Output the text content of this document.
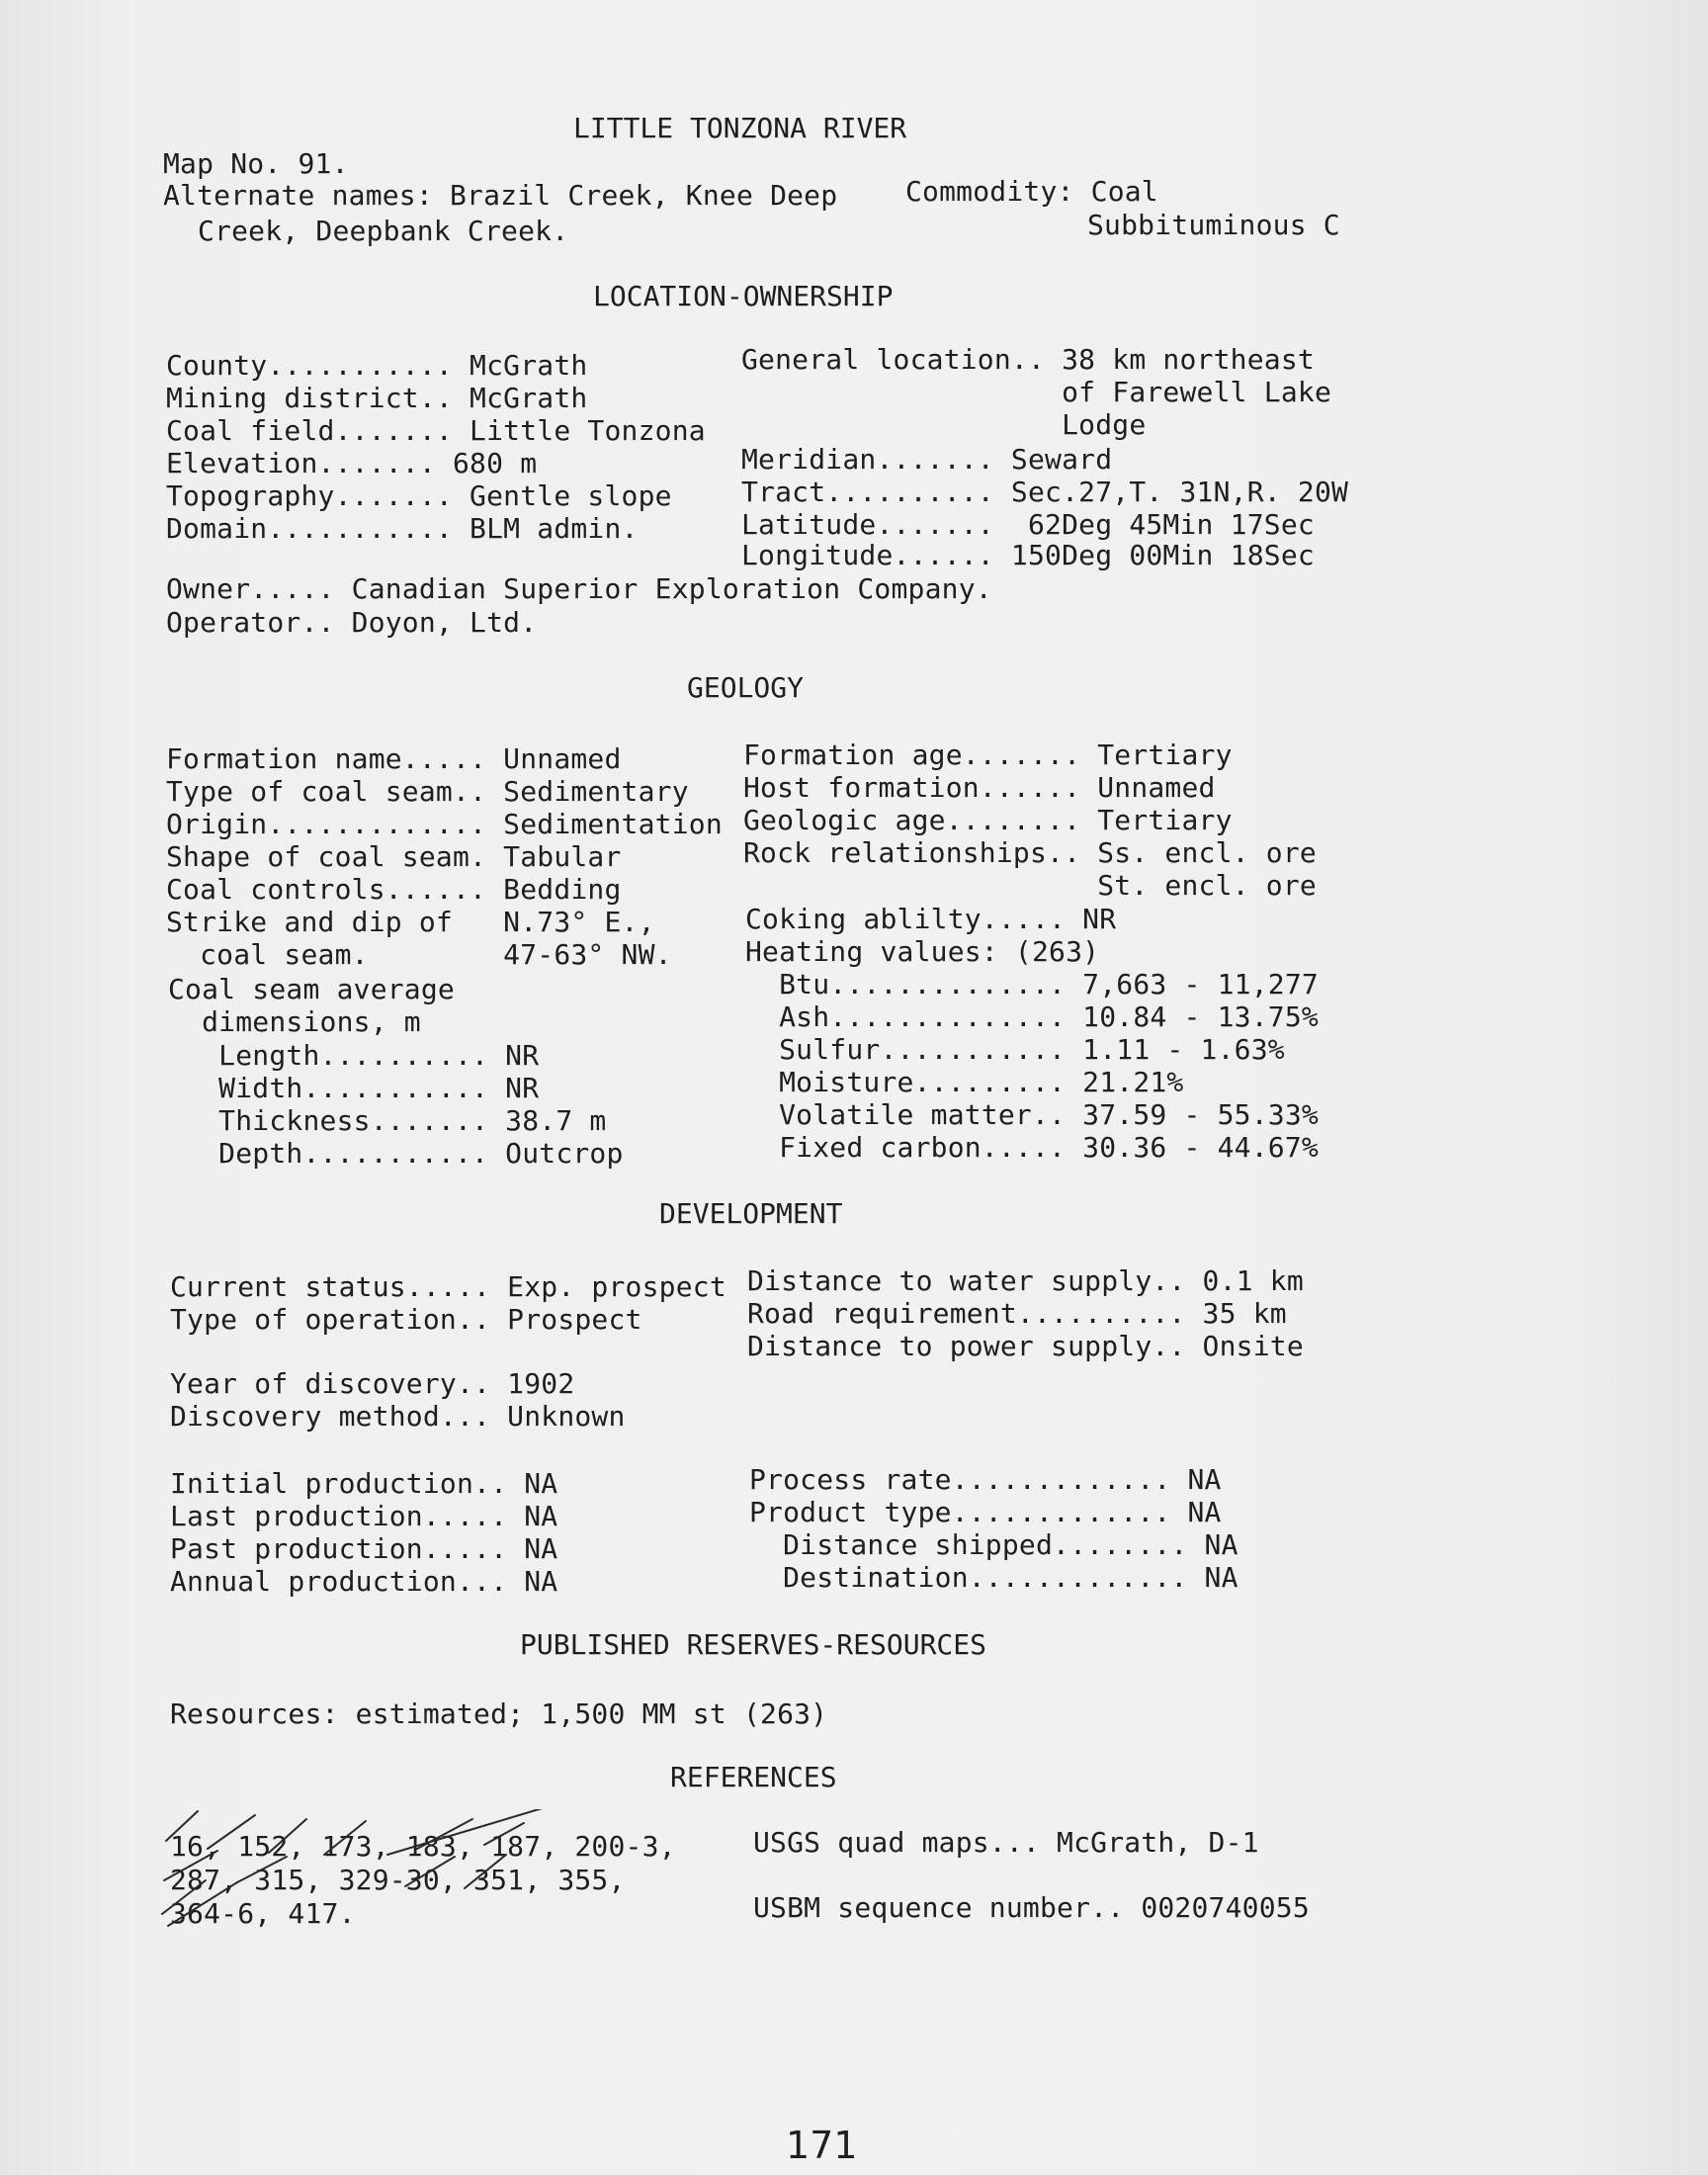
LITTLE TONZONA RIVER
Map No. 91.
Alternate names: Brazil Creek, Knee Deep
Creek, Deepbank Creek.
Commodity: Coal
Subbituminous C
LOCATION-OWNERSHIP
County........... McGrath
Mining district.. McGrath
Coal field....... Little Tonzona
Elevation....... 680 m
Topography....... Gentle slope
Domain........... BLM admin.
General location.. 38 km northeast
of Farewell Lake
Lodge
Meridian....... Seward
Tract.......... Sec.27,T. 31N,R. 20W
Latitude.......  62Deg 45Min 17Sec
Longitude...... 150Deg 00Min 18Sec
Owner..... Canadian Superior Exploration Company.
Operator.. Doyon, Ltd.
GEOLOGY
Formation name..... Unnamed
Type of coal seam.. Sedimentary
Origin............. Sedimentation
Shape of coal seam. Tabular
Coal controls...... Bedding
Strike and dip of   N.73° E.,
coal seam.        47-63° NW.
Coal seam average
dimensions, m
Length.......... NR
Width........... NR
Thickness....... 38.7 m
Depth........... Outcrop
Formation age....... Tertiary
Host formation...... Unnamed
Geologic age........ Tertiary
Rock relationships.. Ss. encl. ore
St. encl. ore
Coking ablilty..... NR
Heating values: (263)
Btu.............. 7,663 - 11,277
Ash.............. 10.84 - 13.75%
Sulfur........... 1.11 - 1.63%
Moisture......... 21.21%
Volatile matter.. 37.59 - 55.33%
Fixed carbon..... 30.36 - 44.67%
DEVELOPMENT
Current status..... Exp. prospect
Type of operation.. Prospect
Distance to water supply.. 0.1 km
Road requirement.......... 35 km
Distance to power supply.. Onsite
Year of discovery.. 1902
Discovery method... Unknown
Initial production.. NA
Last production..... NA
Past production..... NA
Annual production... NA
Process rate............. NA
Product type............. NA
Distance shipped........ NA
Destination............. NA
PUBLISHED RESERVES-RESOURCES
Resources: estimated; 1,500 MM st (263)
REFERENCES
16, 152, 173, 183, 187, 200-3,
287, 315, 329-30, 351, 355,
364-6, 417.
USGS quad maps... McGrath, D-1
USBM sequence number.. 0020740055
171
